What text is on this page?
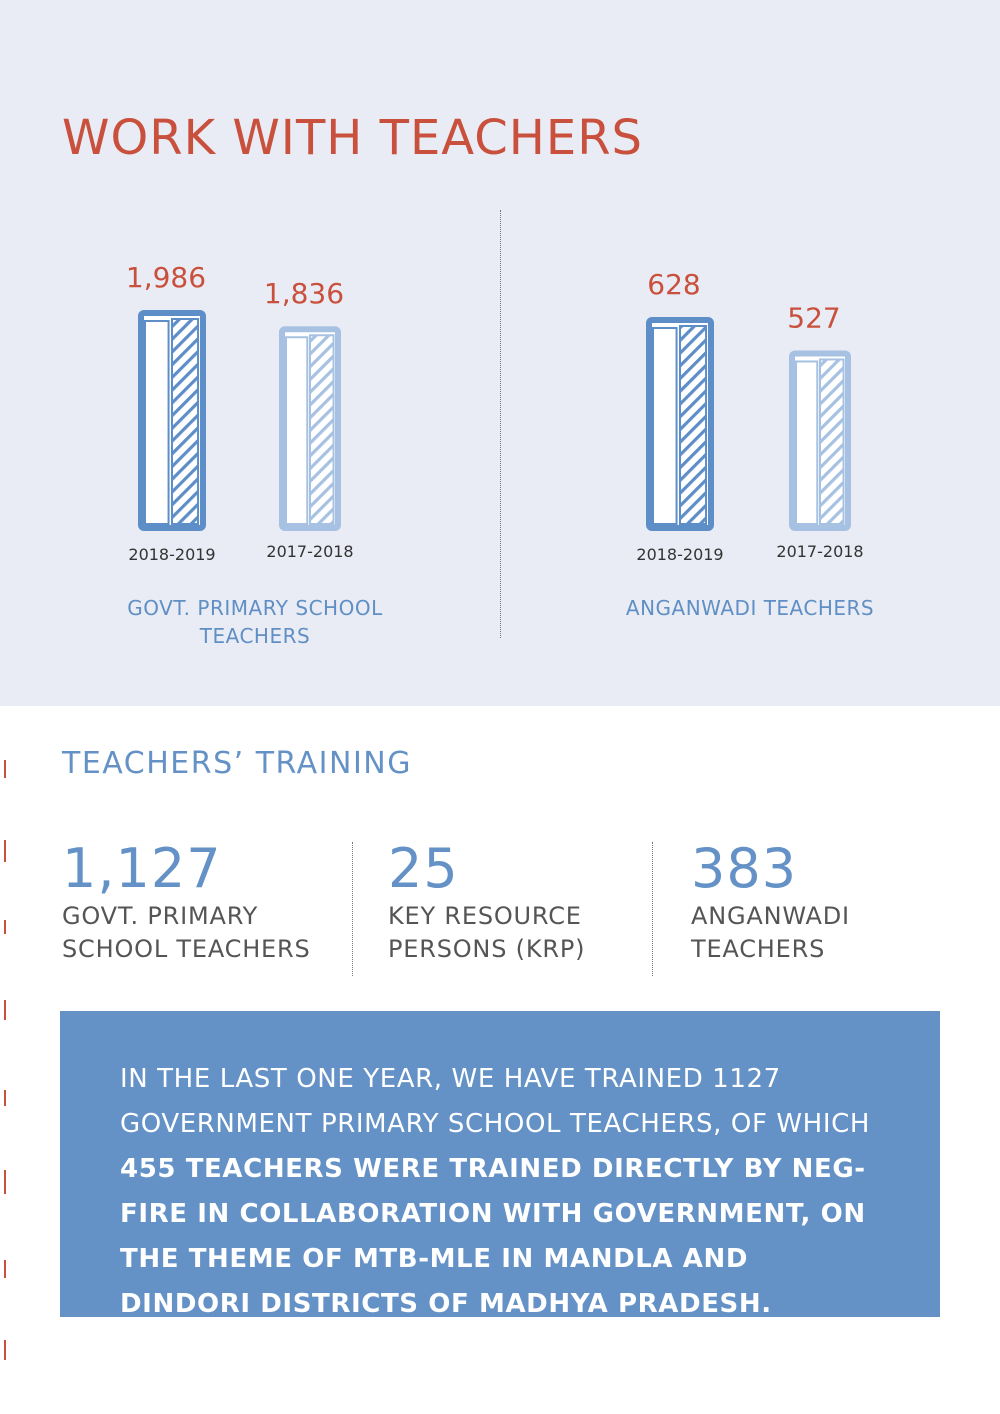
WORK WITH TEACHERS
1,986
2018-2019
1,836
2017-2018
628
2018-2019
527
2017-2018
GOVT. PRIMARY SCHOOL TEACHERS
ANGANWADI TEACHERS
TEACHERS’ TRAINING
1,127
GOVT. PRIMARY
SCHOOL TEACHERS
25
KEY RESOURCE
PERSONS (KRP)
383
ANGANWADI
TEACHERS
IN THE LAST ONE YEAR, WE HAVE TRAINED 1127 GOVERNMENT PRIMARY SCHOOL TEACHERS, OF WHICH 455 TEACHERS WERE TRAINED DIRECTLY BY NEG-FIRE IN COLLABORATION WITH GOVERNMENT, ON THE THEME OF MTB-MLE IN MANDLA AND DINDORI DISTRICTS OF MADHYA PRADESH.
